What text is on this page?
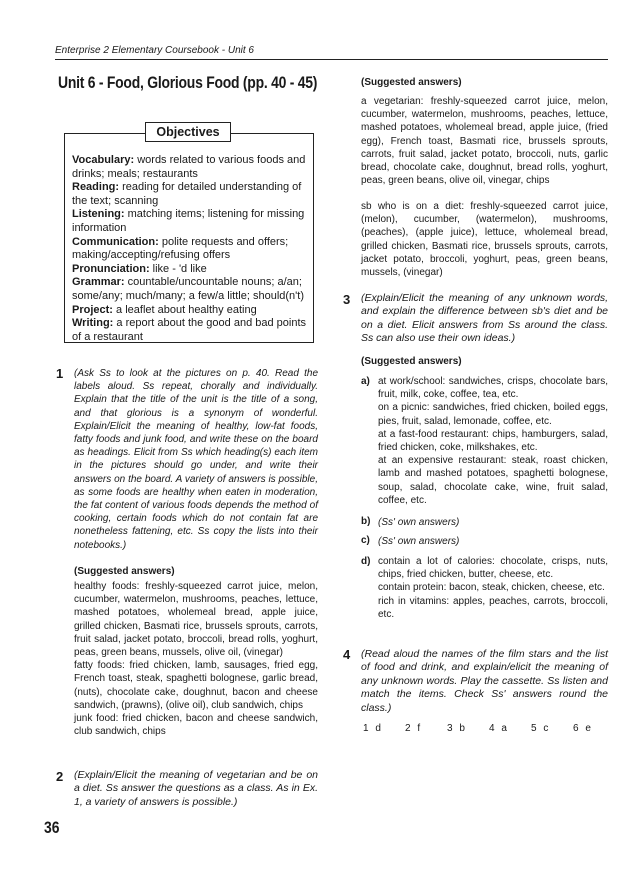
Enterprise 2 Elementary Coursebook - Unit 6
Unit 6 - Food, Glorious Food (pp. 40 - 45)
Objectives

Vocabulary: words related to various foods and drinks; meals; restaurants

Reading: reading for detailed understanding of the text; scanning

Listening: matching items; listening for missing information

Communication: polite requests and offers; making/accepting/refusing offers

Pronunciation: like - 'd like

Grammar: countable/uncountable nouns; a/an; some/any; much/many; a few/a little; should(n't)

Project: a leaflet about healthy eating

Writing: a report about the good and bad points of a restaurant

1 (Ask Ss to look at the pictures on p. 40. Read the labels aloud. Ss repeat, chorally and individually. Explain that the title of the unit is the title of a song, and that glorious is a synonym of wonderful. Explain/Elicit the meaning of healthy, low-fat foods, fatty foods and junk food, and write these on the board as headings. Elicit from Ss which heading(s) each item in the pictures should go under, and write their answers on the board. A variety of answers is possible, as some foods are healthy when eaten in moderation, the fat content of various foods depends the method of cooking, certain foods which do not contain fat are nonetheless fattening, etc. Ss copy the lists into their notebooks.)
(Suggested answers)
healthy foods: freshly-squeezed carrot juice, melon, cucumber, watermelon, mushrooms, peaches, lettuce, mashed potatoes, wholemeal bread, apple juice, grilled chicken, Basmati rice, brussels sprouts, carrots, fruit salad, jacket potato, broccoli, bread rolls, yoghurt, peas, green beans, mussels, olive oil, (vinegar)
fatty foods: fried chicken, lamb, sausages, fried egg, French toast, steak, spaghetti bolognese, garlic bread, (nuts), chocolate cake, doughnut, bacon and cheese sandwich, (prawns), (olive oil), club sandwich, chips
junk food: fried chicken, bacon and cheese sandwich, club sandwich, chips
2 (Explain/Elicit the meaning of vegetarian and be on a diet. Ss answer the questions as a class. As in Ex. 1, a variety of answers is possible.)
36
(Suggested answers)
a vegetarian: freshly-squeezed carrot juice, melon, cucumber, watermelon, mushrooms, peaches, lettuce, mashed potatoes, wholemeal bread, apple juice, (fried egg), French toast, Basmati rice, brussels sprouts, carrots, fruit salad, jacket potato, broccoli, nuts, garlic bread, chocolate cake, doughnut, bread rolls, yoghurt, peas, green beans, olive oil, vinegar, chips
sb who is on a diet: freshly-squeezed carrot juice, (melon), cucumber, (watermelon), mushrooms, (peaches), (apple juice), lettuce, wholemeal bread, grilled chicken, Basmati rice, brussels sprouts, carrots, jacket potato, broccoli, yoghurt, peas, green beans, mussels, (vinegar)
3 (Explain/Elicit the meaning of any unknown words, and explain the difference between sb's diet and be on a diet. Elicit answers from Ss around the class. Ss can also use their own ideas.)
(Suggested answers)
a) at work/school: sandwiches, crisps, chocolate bars, fruit, milk, coke, coffee, tea, etc.

on a picnic: sandwiches, fried chicken, boiled eggs, pies, fruit, salad, lemonade, coffee, etc.

at a fast-food restaurant: chips, hamburgers, salad, fried chicken, coke, milkshakes, etc.

at an expensive restaurant: steak, roast chicken, lamb and mashed potatoes, spaghetti bolognese, soup, salad, chocolate cake, wine, fruit salad, coffee, etc.

b) (Ss' own answers)
c) (Ss' own answers)
d) contain a lot of calories: chocolate, crisps, nuts, chips, fried chicken, butter, cheese, etc.

contain protein: bacon, steak, chicken, cheese, etc.

rich in vitamins: apples, peaches, carrots, broccoli, etc.

4 (Read aloud the names of the film stars and the list of food and drink, and explain/elicit the meaning of any unknown words. Play the cassette. Ss listen and match the items. Check Ss' answers round the class.)
1 d	2 f	3 b	4 a	5 c	6 e
